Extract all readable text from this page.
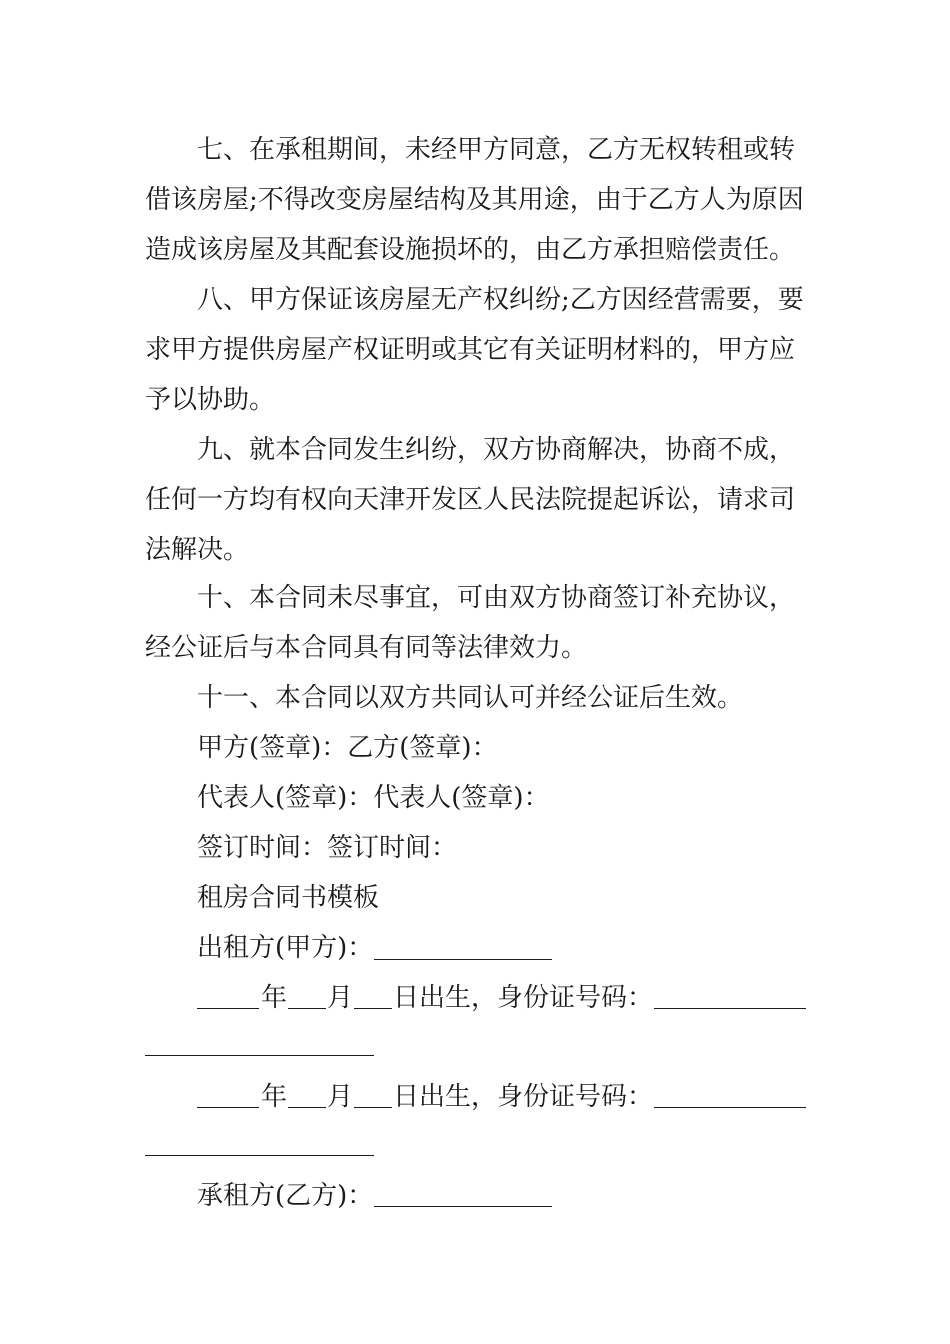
七、在承租期间，未经甲方同意，乙方无权转租或转
借该房屋;不得改变房屋结构及其用途，由于乙方人为原因
造成该房屋及其配套设施损坏的，由乙方承担赔偿责任。
八、甲方保证该房屋无产权纠纷;乙方因经营需要，要
求甲方提供房屋产权证明或其它有关证明材料的，甲方应
予以协助。
九、就本合同发生纠纷，双方协商解决，协商不成，
任何一方均有权向天津开发区人民法院提起诉讼，请求司
法解决。
十、本合同未尽事宜，可由双方协商签订补充协议，
经公证后与本合同具有同等法律效力。
十一、本合同以双方共同认可并经公证后生效。
甲方(签章)：乙方(签章)：
代表人(签章)：代表人(签章)：
签订时间：签订时间：
租房合同书模板
出租方(甲方)：
年 月 日出生，身份证号码：
年 月 日出生，身份证号码：
承租方(乙方)：
